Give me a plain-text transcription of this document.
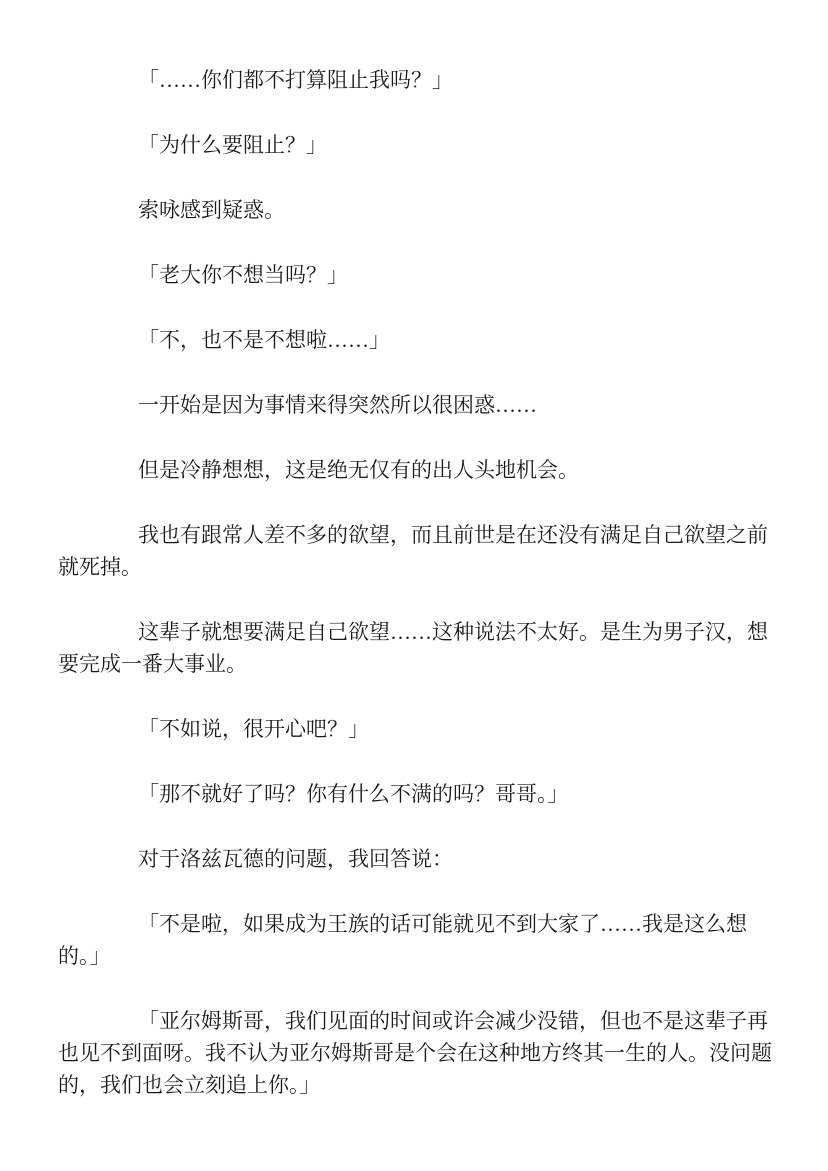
「……你们都不打算阻止我吗？」

「为什么要阻止？」

索咏感到疑惑。

「老大你不想当吗？」

「不，也不是不想啦……」

一开始是因为事情来得突然所以很困惑……

但是冷静想想，这是绝无仅有的出人头地机会。

我也有跟常人差不多的欲望，而且前世是在还没有满足自己欲望之前
就死掉。

这辈子就想要满足自己欲望……这种说法不太好。是生为男子汉，想
要完成一番大事业。

「不如说，很开心吧？」

「那不就好了吗？你有什么不满的吗？哥哥。」

对于洛兹瓦德的问题，我回答说：

「不是啦，如果成为王族的话可能就见不到大家了……我是这么想
的。」

「亚尔姆斯哥，我们见面的时间或许会减少没错，但也不是这辈子再
也见不到面呀。我不认为亚尔姆斯哥是个会在这种地方终其一生的人。没问题
的，我们也会立刻追上你。」
